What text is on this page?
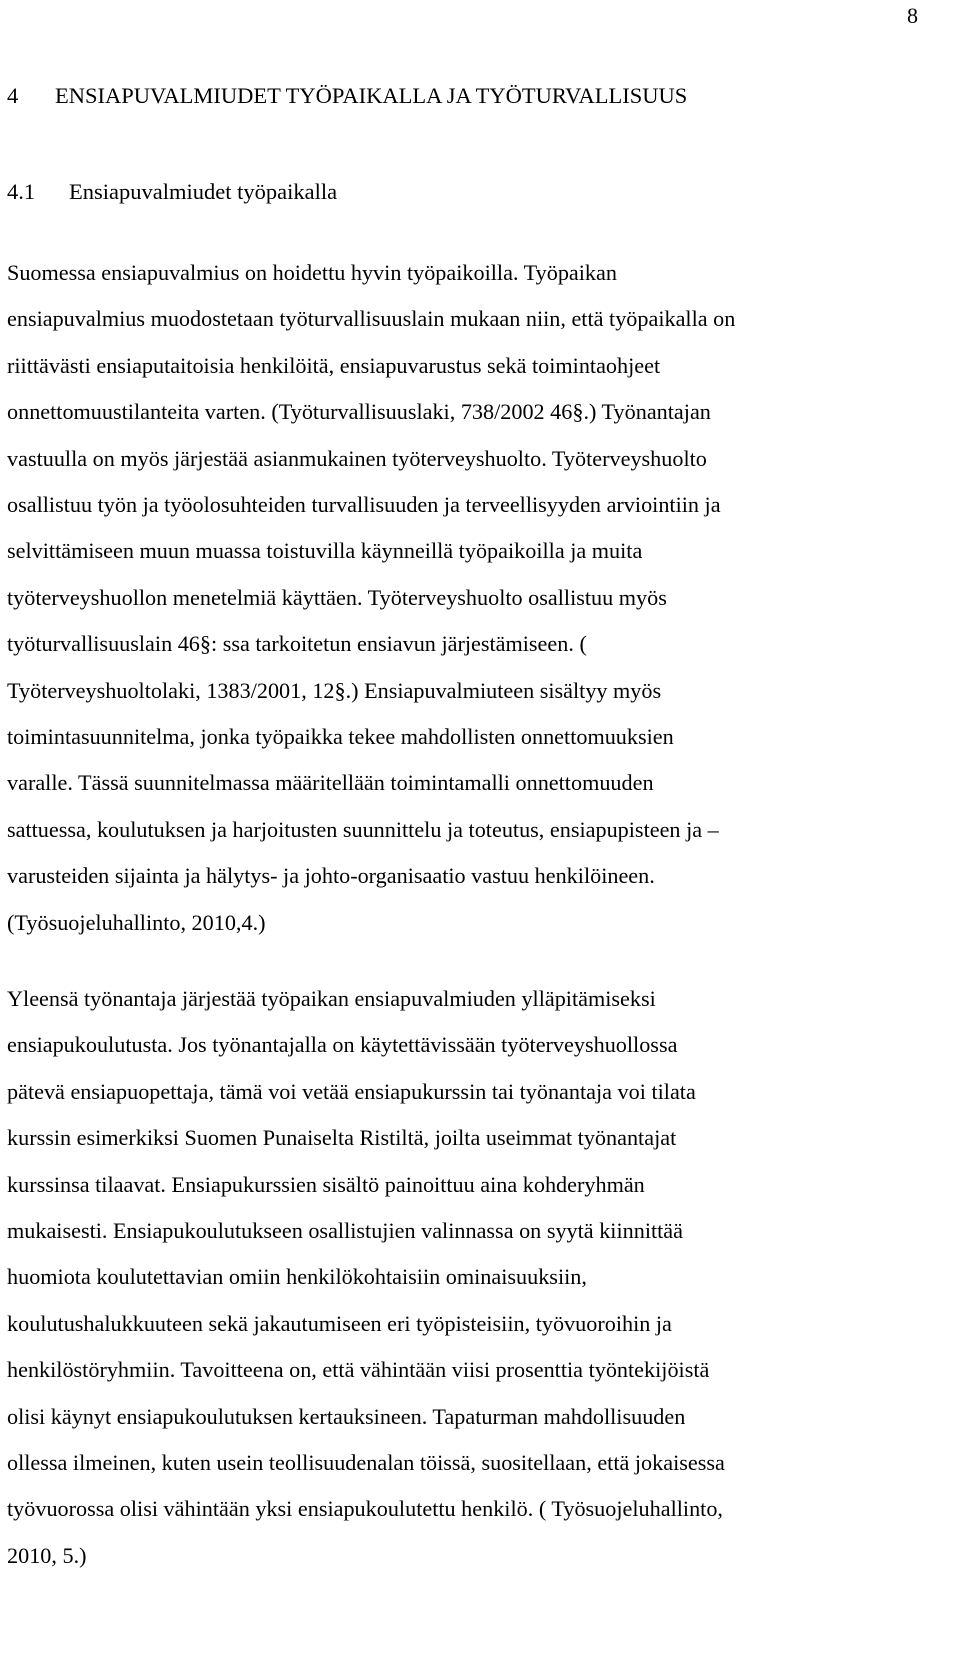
8
4 ENSIAPUVALMIUDET TYÖPAIKALLA JA TYÖTURVALLISUUS
4.1 Ensiapuvalmiudet työpaikalla
Suomessa ensiapuvalmius on hoidettu hyvin työpaikoilla. Työpaikan
ensiapuvalmius muodostetaan työturvallisuuslain mukaan niin, että työpaikalla on
riittävästi ensiaputaitoisia henkilöitä, ensiapuvarustus sekä toimintaohjeet
onnettomuustilanteita varten. (Työturvallisuuslaki, 738/2002 46§.) Työnantajan
vastuulla on myös järjestää asianmukainen työterveyshuolto. Työterveyshuolto
osallistuu työn ja työolosuhteiden turvallisuuden ja terveellisyyden arviointiin ja
selvittämiseen muun muassa toistuvilla käynneillä työpaikoilla ja muita
työterveyshuollon menetelmiä käyttäen. Työterveyshuolto osallistuu myös
työturvallisuuslain 46§: ssa tarkoitetun ensiavun järjestämiseen. (
Työterveyshuoltolaki, 1383/2001, 12§.) Ensiapuvalmiuteen sisältyy myös
toimintasuunnitelma, jonka työpaikka tekee mahdollisten onnettomuuksien
varalle. Tässä suunnitelmassa määritellään toimintamalli onnettomuuden
sattuessa, koulutuksen ja harjoitusten suunnittelu ja toteutus, ensiapupisteen ja –
varusteiden sijainta ja hälytys- ja johto-organisaatio vastuu henkilöineen.
(Työsuojeluhallinto, 2010,4.)
Yleensä työnantaja järjestää työpaikan ensiapuvalmiuden ylläpitämiseksi
ensiapukoulutusta. Jos työnantajalla on käytettävissään työterveyshuollossa
pätevä ensiapuopettaja, tämä voi vetää ensiapukurssin tai työnantaja voi tilata
kurssin esimerkiksi Suomen Punaiselta Ristiltä, joilta useimmat työnantajat
kurssinsa tilaavat. Ensiapukurssien sisältö painoittuu aina kohderyhmän
mukaisesti. Ensiapukoulutukseen osallistujien valinnassa on syytä kiinnittää
huomiota koulutettavian omiin henkilökohtaisiin ominaisuuksiin,
koulutushalukkuuteen sekä jakautumiseen eri työpisteisiin, työvuoroihin ja
henkilöstöryhmiin. Tavoitteena on, että vähintään viisi prosenttia työntekijöistä
olisi käynyt ensiapukoulutuksen kertauksineen. Tapaturman mahdollisuuden
ollessa ilmeinen, kuten usein teollisuudenalan töissä, suositellaan, että jokaisessa
työvuorossa olisi vähintään yksi ensiapukoulutettu henkilö. ( Työsuojeluhallinto,
2010, 5.)
